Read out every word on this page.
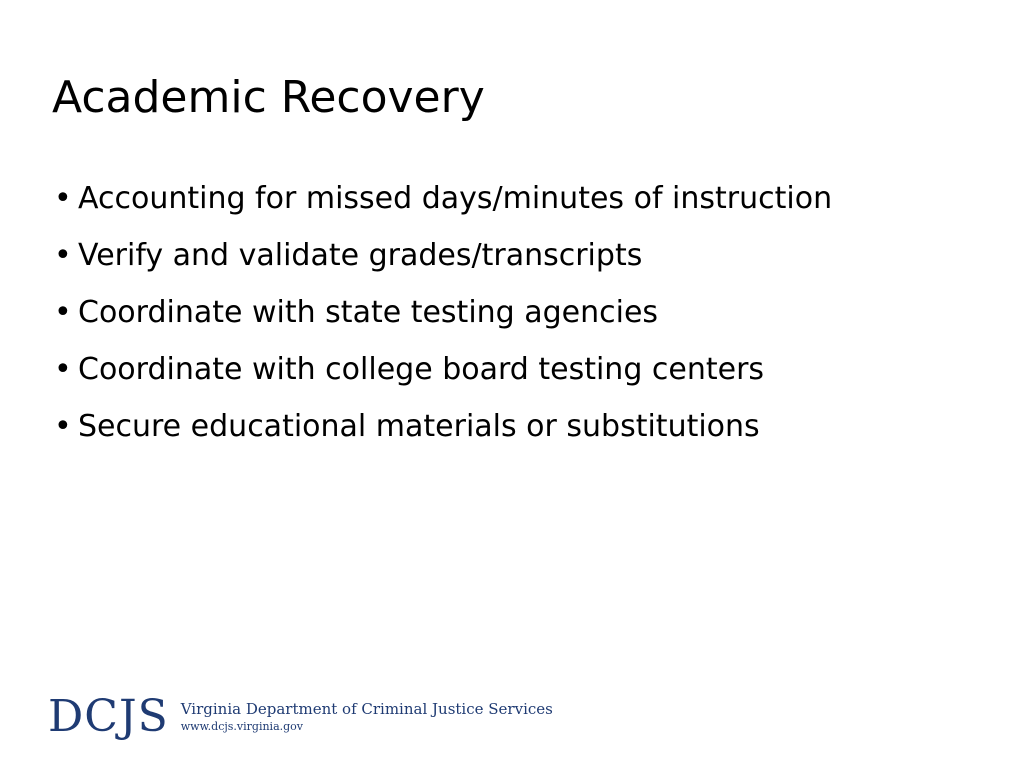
Academic Recovery
• Accounting for missed days/minutes of instruction
• Verify and validate grades/transcripts
• Coordinate with state testing agencies
• Coordinate with college board testing centers
• Secure educational materials or substitutions
DCJS Virginia Department of Criminal Justice Services
www.dcjs.virginia.gov
